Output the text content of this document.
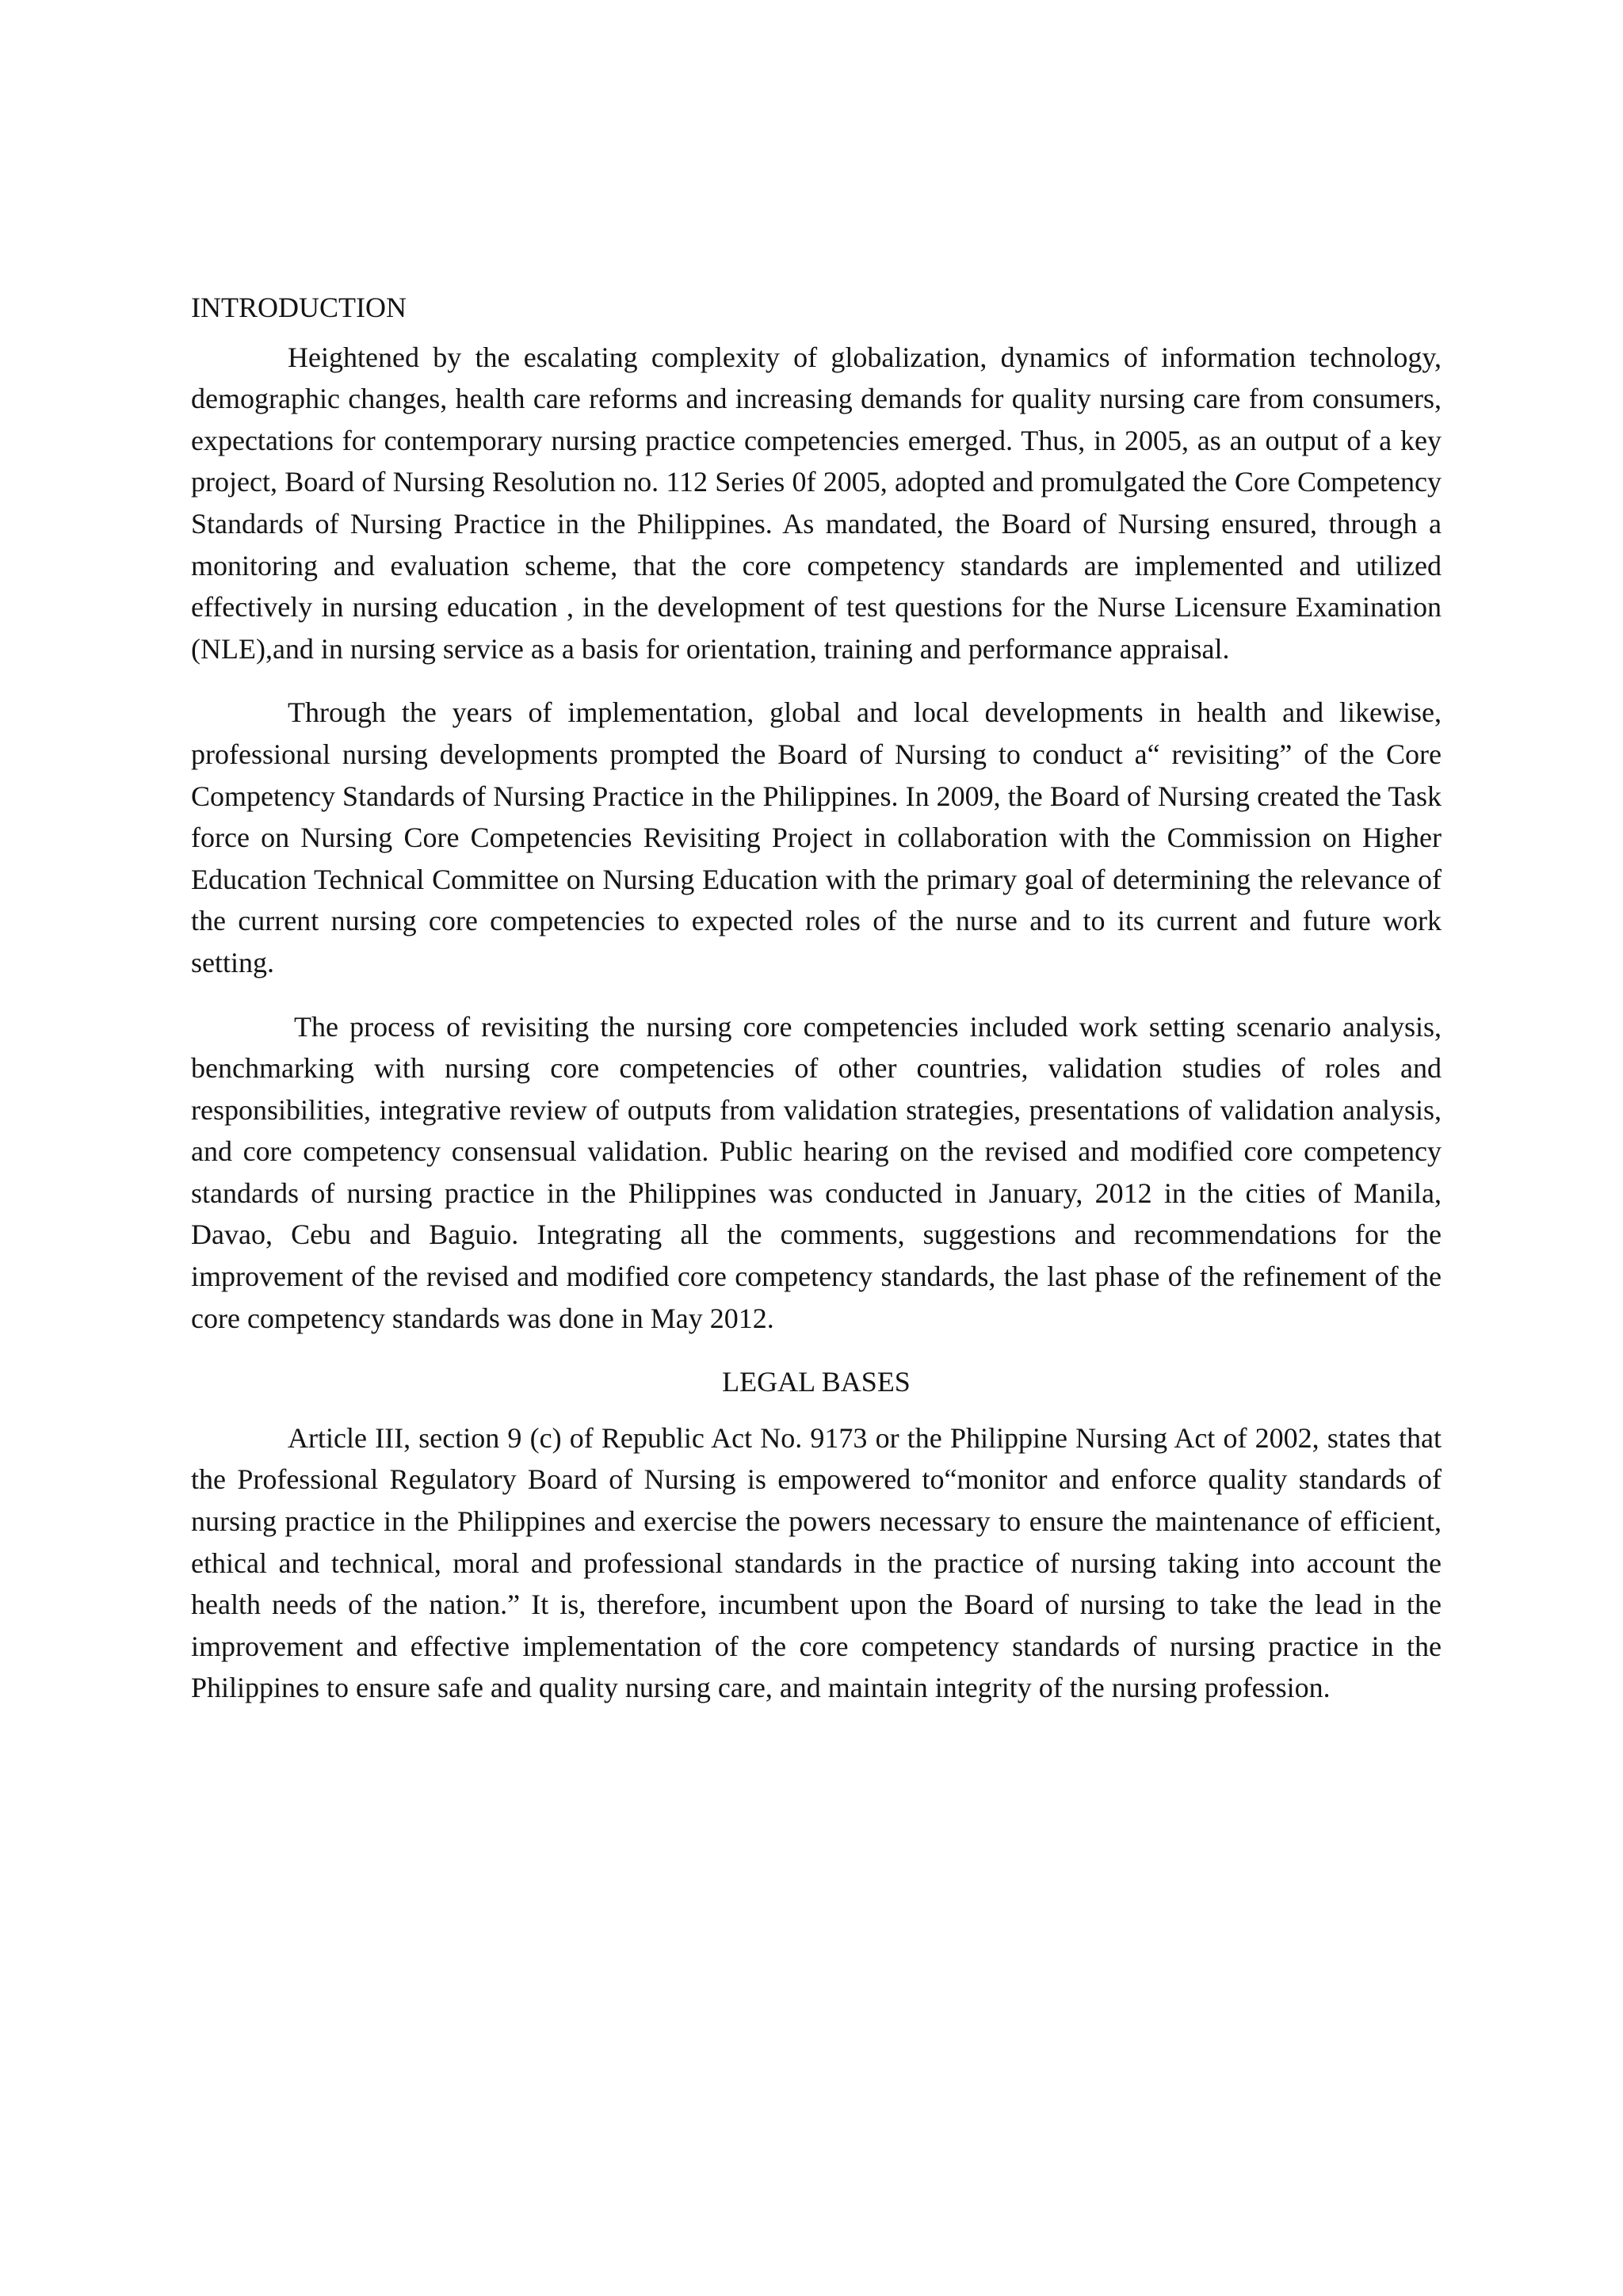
INTRODUCTION

Heightened by the escalating complexity of globalization, dynamics of information technology, demographic changes, health care reforms and increasing demands for quality nursing care from consumers, expectations for contemporary nursing practice competencies emerged. Thus, in 2005, as an output of a key project, Board of Nursing Resolution no. 112 Series 0f 2005, adopted and promulgated the Core Competency Standards of Nursing Practice in the Philippines. As mandated, the Board of Nursing ensured, through a monitoring and evaluation scheme, that the core competency standards are implemented and utilized effectively in nursing education , in the development of test questions for the Nurse Licensure Examination (NLE),and in nursing service as a basis for orientation, training and performance appraisal.

Through the years of implementation, global and local developments in health and likewise, professional nursing developments prompted the Board of Nursing to conduct a“ revisiting” of the Core Competency Standards of Nursing Practice in the Philippines. In 2009, the Board of Nursing created the Task force on Nursing Core Competencies Revisiting Project in collaboration with the Commission on Higher Education Technical Committee on Nursing Education with the primary goal of determining the relevance of the current nursing core competencies to expected roles of the nurse and to its current and future work setting.

The process of revisiting the nursing core competencies included work setting scenario analysis, benchmarking with nursing core competencies of other countries, validation studies of roles and responsibilities, integrative review of outputs from validation strategies, presentations of validation analysis, and core competency consensual validation. Public hearing on the revised and modified core competency standards of nursing practice in the Philippines was conducted in January, 2012 in the cities of Manila, Davao, Cebu and Baguio. Integrating all the comments, suggestions and recommendations for the improvement of the revised and modified core competency standards, the last phase of the refinement of the core competency standards was done in May 2012.

LEGAL BASES

Article III, section 9 (c) of Republic Act No. 9173 or the Philippine Nursing Act of 2002, states that the Professional Regulatory Board of Nursing is empowered to“monitor and enforce quality standards of nursing practice in the Philippines and exercise the powers necessary to ensure the maintenance of efficient, ethical and technical, moral and professional standards in the practice of nursing taking into account the health needs of the nation.” It is, therefore, incumbent upon the Board of nursing to take the lead in the improvement and effective implementation of the core competency standards of nursing practice in the Philippines to ensure safe and quality nursing care, and maintain integrity of the nursing profession.
